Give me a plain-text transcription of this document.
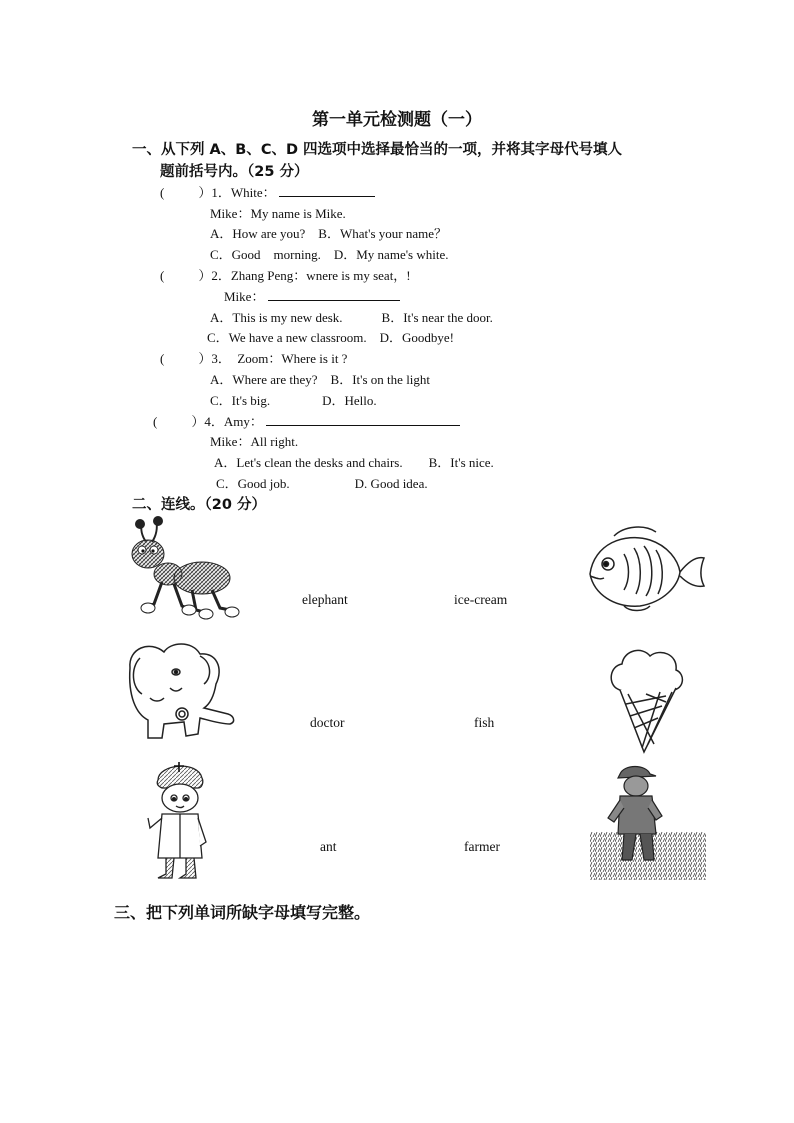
第一单元检测题（一）
一、从下列 A、B、C、D 四选项中选择最恰当的一项，并将其字母代号填人
题前括号内。（25 分）
(	）1．White：
Mike：My name is Mike.
A．How are you?　B．What's your name？
C．Good　morning.　D．My name's white.
(	）2．Zhang Peng：wnere is my seat，!
Mike：
A．This is my new desk.　　　B．It's near the door.
C．We have a new classroom.　D．Goodbye!
(	）3．　Zoom：Where is it ?
A．Where are they?　B．It's on the light
C．It's big.　　　　D．Hello.
(	）4．Amy：
Mike：All right.
A．Let's clean the desks and chairs.　　B．It's nice.
C．Good job.　　　　　D. Good idea.
二、连线。（20 分）
elephant	ice-cream
doctor	fish
ant	farmer
三、把下列单词所缺字母填写完整。
